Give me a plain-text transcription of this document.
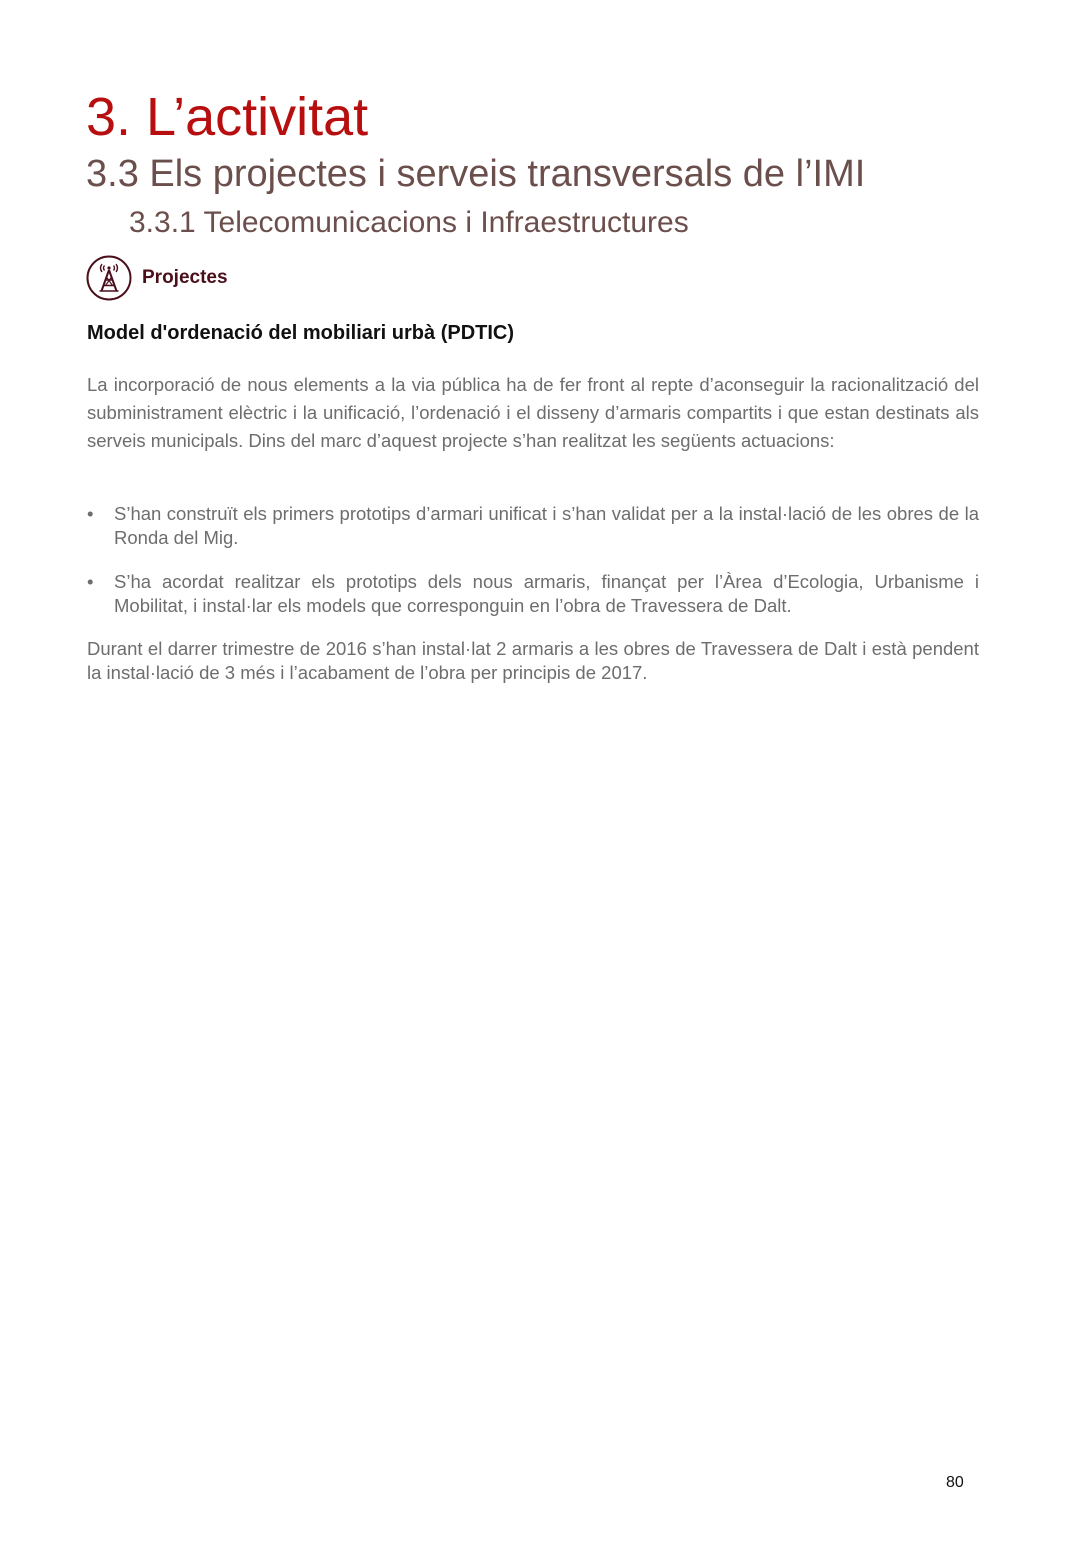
3. L’activitat
3.3 Els projectes i serveis transversals de l’IMI
3.3.1 Telecomunicacions i Infraestructures
Projectes
Model d'ordenació del mobiliari urbà (PDTIC)

La incorporació de nous elements a la via pública ha de fer front al repte d’aconseguir la racionalització del subministrament elèctric i la unificació, l’ordenació i el disseny d’armaris compartits i que estan destinats als serveis municipals. Dins del marc d’aquest projecte s’han realitzat les següents actuacions:

• S’han construït els primers prototips d’armari unificat i s’han validat per a la instal·lació de les obres de la Ronda del Mig.
• S’ha acordat realitzar els prototips dels nous armaris, finançat per l’Àrea d’Ecologia, Urbanisme i Mobilitat, i instal·lar els models que corresponguin en l’obra de Travessera de Dalt.

Durant el darrer trimestre de 2016 s’han instal·lat 2 armaris a les obres de Travessera de Dalt i està pendent la instal·lació de 3 més i l’acabament de l’obra per principis de 2017.

80
